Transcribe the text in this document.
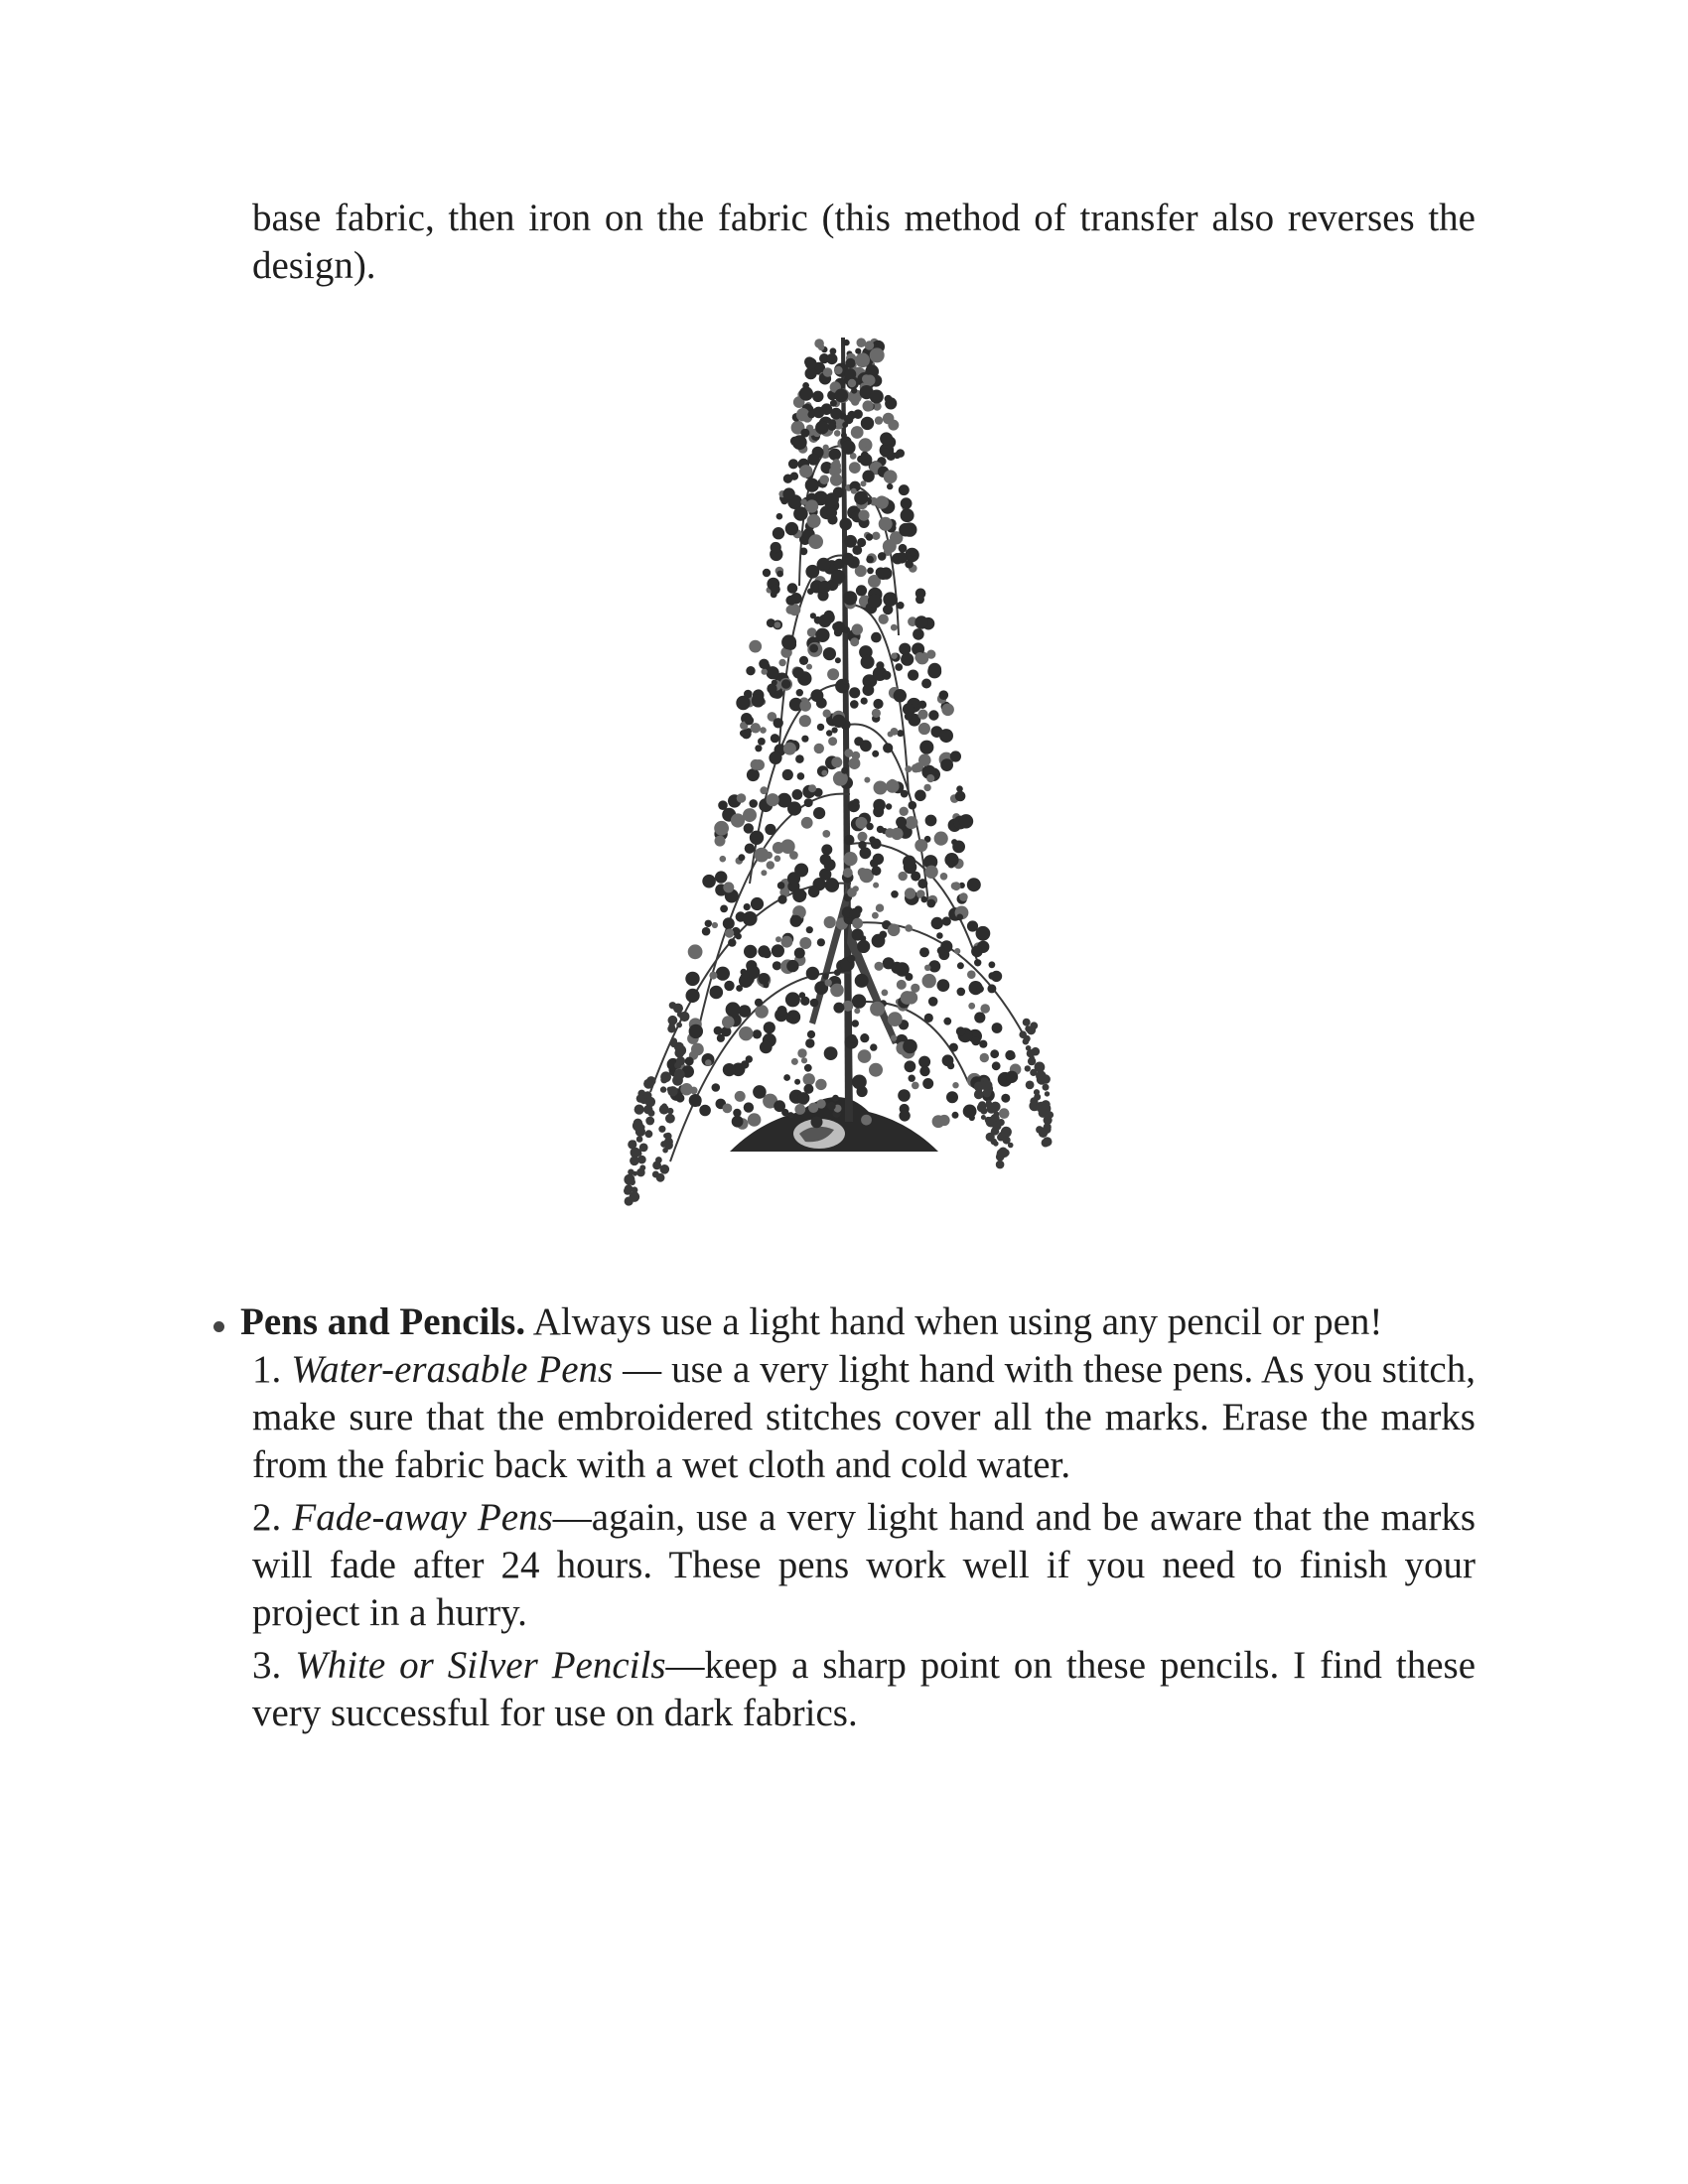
base fabric, then iron on the fabric (this method of transfer also reverses the design).

Pens and Pencils. Always use a light hand when using any pencil or pen!

1. Water-erasable Pens — use a very light hand with these pens. As you stitch, make sure that the embroidered stitches cover all the marks. Erase the marks from the fabric back with a wet cloth and cold water.

2. Fade-away Pens—again, use a very light hand and be aware that the marks will fade after 24 hours. These pens work well if you need to finish your project in a hurry.

3. White or Silver Pencils—keep a sharp point on these pencils. I find these very successful for use on dark fabrics.
